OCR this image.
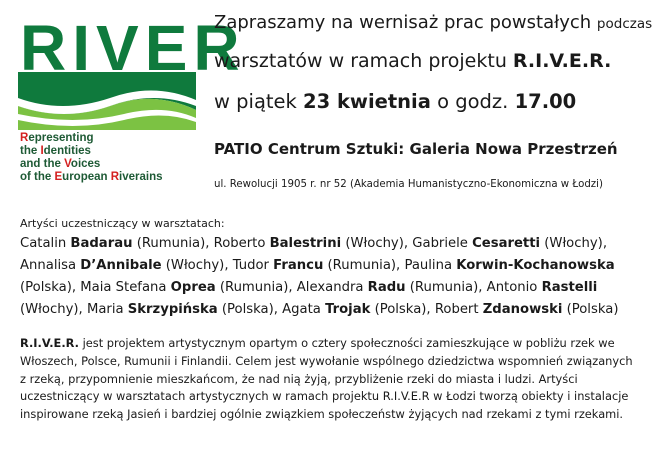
RIVER
Representing
the Identities
and the Voices
of the European Riverains
Zapraszamy na wernisaż prac powstałych podczas
warsztatów w ramach projektu R.I.V.E.R.
w piątek 23 kwietnia o godz. 17.00
PATIO Centrum Sztuki: Galeria Nowa Przestrzeń
ul. Rewolucji 1905 r. nr 52 (Akademia Humanistyczno-Ekonomiczna w Łodzi)
Artyści uczestniczący w warsztatach:
Catalin Badarau (Rumunia), Roberto Balestrini (Włochy), Gabriele Cesaretti (Włochy), Annalisa D’Annibale (Włochy), Tudor Francu (Rumunia), Paulina Korwin-Kochanowska (Polska), Maia Stefana Oprea (Rumunia), Alexandra Radu (Rumunia), Antonio Rastelli (Włochy), Maria Skrzypińska (Polska), Agata Trojak (Polska), Robert Zdanowski (Polska)
R.I.V.E.R. jest projektem artystycznym opartym o cztery społeczności zamieszkujące w pobliżu rzek we Włoszech, Polsce, Rumunii i Finlandii. Celem jest wywołanie wspólnego dziedzictwa wspomnień związanych z rzeką, przypomnienie mieszkańcom, że nad nią żyją, przybliżenie rzeki do miasta i ludzi. Artyści uczestniczący w warsztatach artystycznych w ramach projektu R.I.V.E.R w Łodzi tworzą obiekty i instalacje inspirowane rzeką Jasień i bardziej ogólnie związkiem społeczeństw żyjących nad rzekami z tymi rzekami.
